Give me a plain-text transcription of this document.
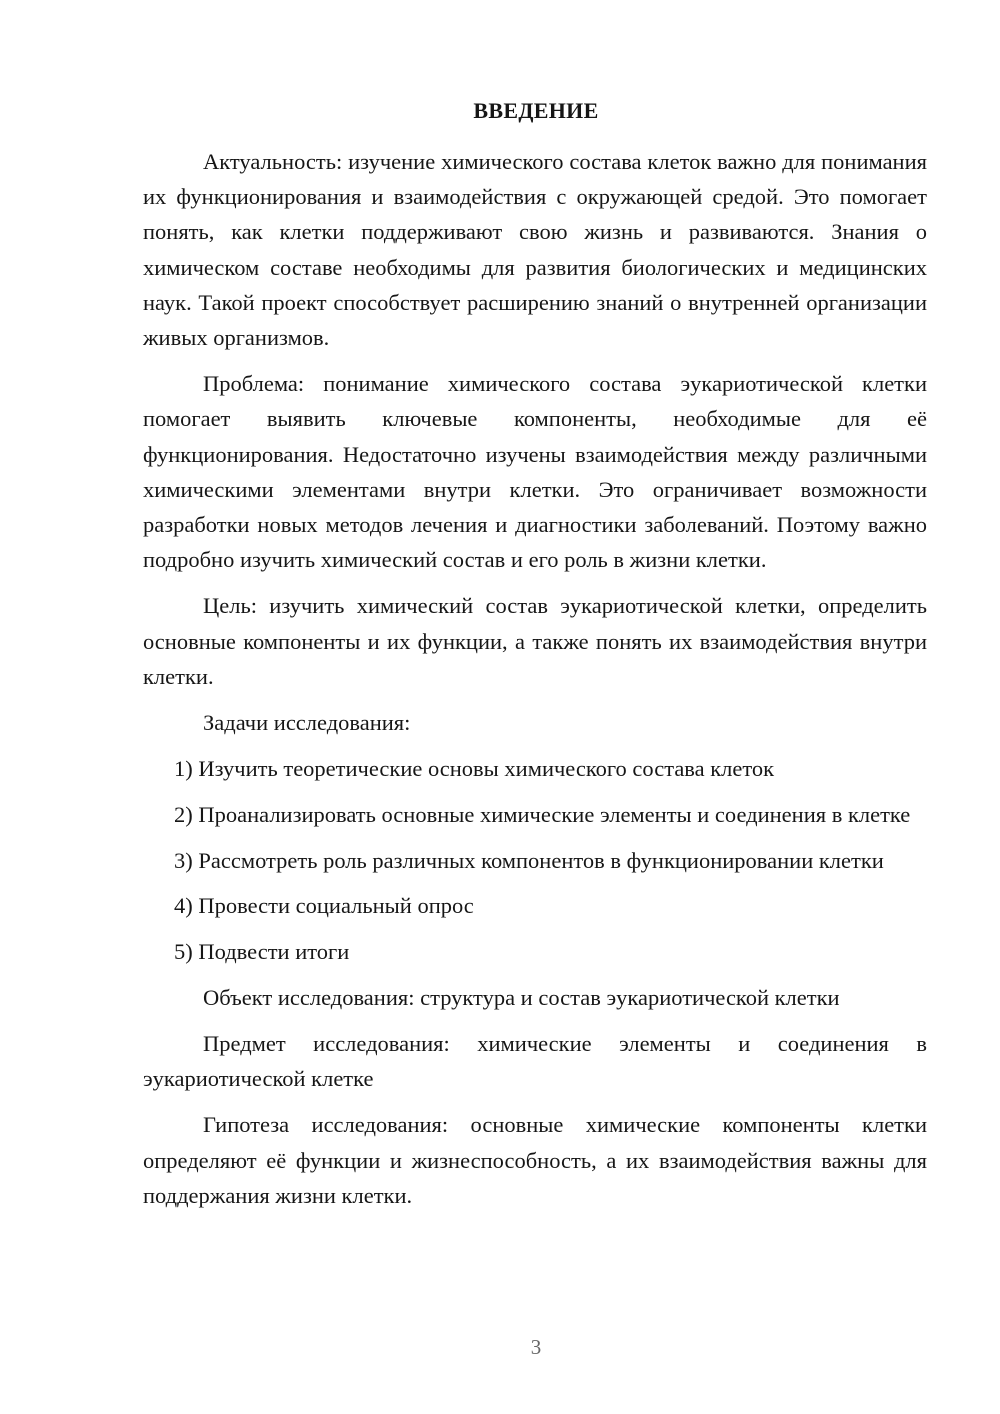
ВВЕДЕНИЕ

Актуальность: изучение химического состава клеток важно для понимания их функционирования и взаимодействия с окружающей средой. Это помогает понять, как клетки поддерживают свою жизнь и развиваются. Знания о химическом составе необходимы для развития биологических и медицинских наук. Такой проект способствует расширению знаний о внутренней организации живых организмов.

Проблема: понимание химического состава эукариотической клетки помогает выявить ключевые компоненты, необходимые для её функционирования. Недостаточно изучены взаимодействия между различными химическими элементами внутри клетки. Это ограничивает возможности разработки новых методов лечения и диагностики заболеваний. Поэтому важно подробно изучить химический состав и его роль в жизни клетки.

Цель: изучить химический состав эукариотической клетки, определить основные компоненты и их функции, а также понять их взаимодействия внутри клетки.

Задачи исследования:

1) Изучить теоретические основы химического состава клеток

2) Проанализировать основные химические элементы и соединения в клетке

3) Рассмотреть роль различных компонентов в функционировании клетки

4) Провести социальный опрос

5) Подвести итоги

Объект исследования: структура и состав эукариотической клетки

Предмет исследования: химические элементы и соединения в эукариотической клетке

Гипотеза исследования: основные химические компоненты клетки определяют её функции и жизнеспособность, а их взаимодействия важны для поддержания жизни клетки.

3
